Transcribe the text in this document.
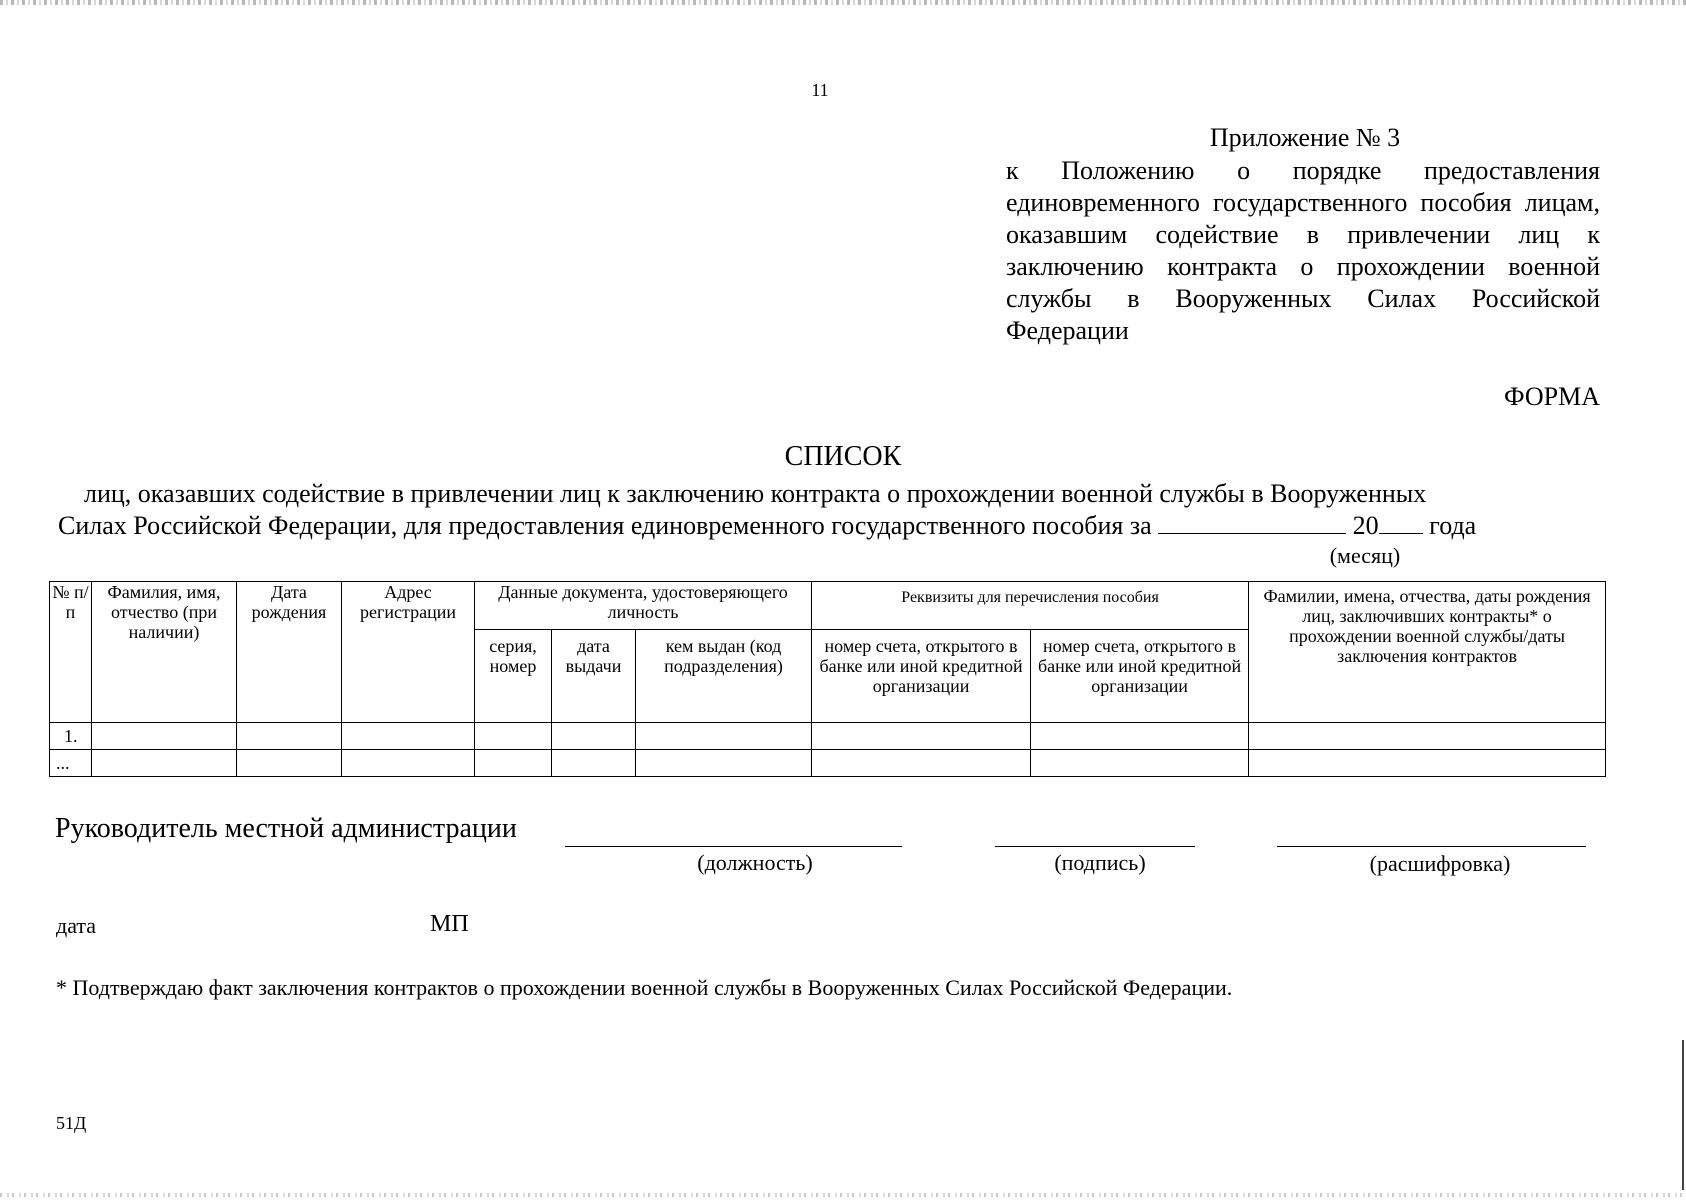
11
Приложение № 3
к Положению о порядке предоставления единовременного государственного пособия лицам, оказавшим содействие в привлечении лиц к заключению контракта о прохождении военной службы в Вооруженных Силах Российской Федерации
ФОРМА
СПИСОК
лиц, оказавших содействие в привлечении лиц к заключению контракта о прохождении военной службы в Вооруженных
Силах Российской Федерации, для предоставления единовременного государственного пособия за	20 года
(месяц)
№ п/п	Фамилия, имя, отчество (при наличии)	Дата рождения	Адрес регистрации	Данные документа, удостоверяющего личность			Реквизиты для перечисления пособия		Фамилии, имена, отчества, даты рождения лиц, заключивших контракты* о прохождении военной службы/даты заключения контрактов
				серия, номер	дата выдачи	кем выдан (код подразделения)	номер счета, открытого в банке или иной кредитной организации	номер счета, открытого в банке или иной кредитной организации	
1.									
...									
Руководитель местной администрации
(должность)	(подпись)	(расшифровка)
дата	МП
* Подтверждаю факт заключения контрактов о прохождении военной службы в Вооруженных Силах Российской Федерации.
51Д
